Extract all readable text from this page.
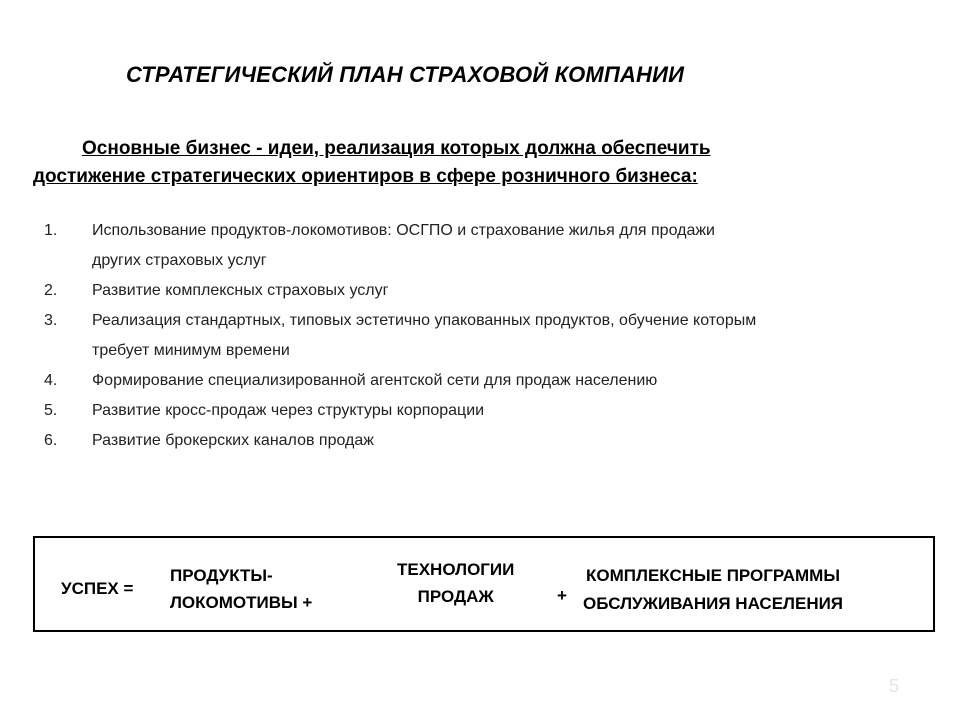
СТРАТЕГИЧЕСКИЙ ПЛАН СТРАХОВОЙ КОМПАНИИ
Основные бизнес - идеи, реализация которых должна обеспечить
достижение стратегических ориентиров в сфере розничного бизнеса:
1.	Использование продуктов-локомотивов: ОСГПО и страхование жилья для продажи
других страховых услуг
2.	Развитие комплексных страховых услуг
3.	Реализация стандартных, типовых эстетично упакованных продуктов, обучение которым
требует минимум времени
4.	Формирование специализированной агентской сети для продаж населению
5.	Развитие кросс-продаж через структуры корпорации
6.	Развитие брокерских каналов продаж
УСПЕХ =
ПРОДУКТЫ-
ЛОКОМОТИВЫ +
ТЕХНОЛОГИИ
ПРОДАЖ	+
КОМПЛЕКСНЫЕ ПРОГРАММЫ
ОБСЛУЖИВАНИЯ НАСЕЛЕНИЯ
5
